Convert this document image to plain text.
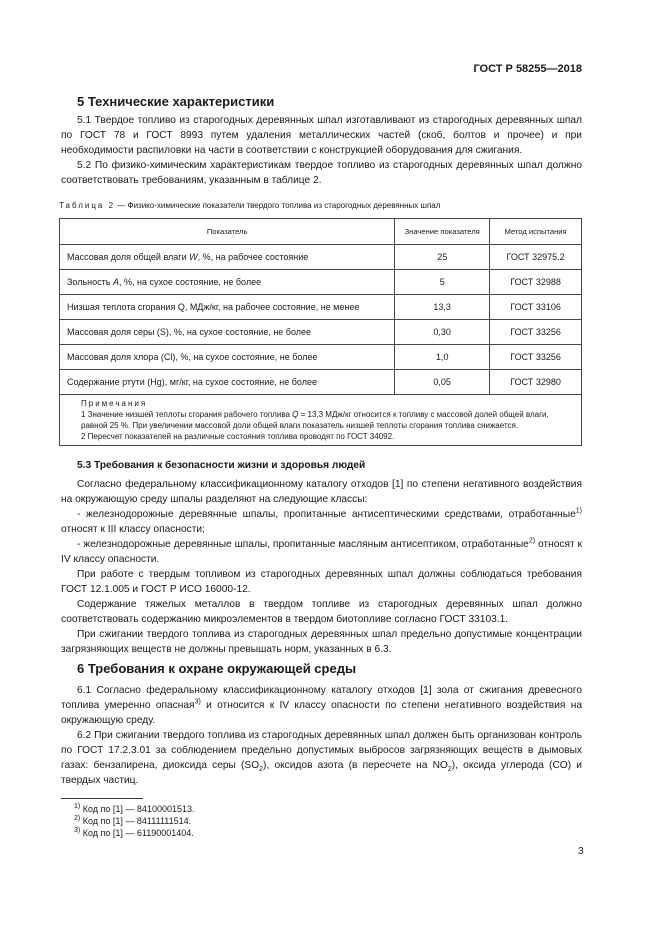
ГОСТ Р 58255—2018
5 Технические характеристики

5.1 Твердое топливо из старогодных деревянных шпал изготавливают из старогодных деревянных шпал по ГОСТ 78 и ГОСТ 8993 путем удаления металлических частей (скоб, болтов и прочее) и при необходимости распиловки на части в соответствии с конструкцией оборудования для сжигания.

5.2 По физико-химическим характеристикам твердое топливо из старогодных деревянных шпал должно соответствовать требованиям, указанным в таблице 2.

Таблица 2 — Физико-химические показатели твердого топлива из старогодных деревянных шпал
Показатель	Значение показателя	Метод испытания
Массовая доля общей влаги W, %, на рабочее состояние	25	ГОСТ 32975.2
Зольность A, %, на сухое состояние, не более	5	ГОСТ 32988
Низшая теплота сгорания Q, МДж/кг, на рабочее состояние, не менее	13,3	ГОСТ 33106
Массовая доля серы (S), %, на сухое состояние, не более	0,30	ГОСТ 33256
Массовая доля хлора (Cl), %, на сухое состояние, не более	1,0	ГОСТ 33256
Содержание ртути (Hg), мг/кг, на сухое состояние, не более	0,05	ГОСТ 32980

Примечания
1 Значение низшей теплоты сгорания рабочего топлива Q = 13,3 МДж/кг относится к топливу с массовой долей общей влаги, равной 25 %. При увеличении массовой доли общей влаги показатель низшей теплоты сгорания топлива снижается.
2 Пересчет показателей на различные состояния топлива проводят по ГОСТ 34092.		
5.3 Требования к безопасности жизни и здоровья людей

Согласно федеральному классификационному каталогу отходов [1] по степени негативного воздействия на окружающую среду шпалы разделяют на следующие классы:

- железнодорожные деревянные шпалы, пропитанные антисептическими средствами, отработанные$^{1)}$ относят к III классу опасности;

- железнодорожные деревянные шпалы, пропитанные масляным антисептиком, отработанные$^{2)}$ относят к IV классу опасности.

При работе с твердым топливом из старогодных деревянных шпал должны соблюдаться требования ГОСТ 12.1.005 и ГОСТ Р ИСО 16000-12.

Содержание тяжелых металлов в твердом топливе из старогодных деревянных шпал должно соответствовать содержанию микроэлементов в твердом биотопливе согласно ГОСТ 33103.1.

При сжигании твердого топлива из старогодных деревянных шпал предельно допустимые концентрации загрязняющих веществ не должны превышать норм, указанных в 6.3.

6 Требования к охране окружающей среды

6.1 Согласно федеральному классификационному каталогу отходов [1] зола от сжигания древесного топлива умеренно опасная$^{3)}$ и относится к IV классу опасности по степени негативного воздействия на окружающую среду.

6.2 При сжигании твердого топлива из старогодных деревянных шпал должен быть организован контроль по ГОСТ 17.2.3.01 за соблюдением предельно допустимых выбросов загрязняющих веществ в дымовых газах: бензапирена, диоксида серы $(SO_2)$, оксидов азота (в пересчете на $NO_2$), оксида углерода (CO) и твердых частиц.

$^{1)}$ Код по [1] — 84100001513.
$^{2)}$ Код по [1] — 84111111514.
$^{3)}$ Код по [1] — 61190001404.
3
